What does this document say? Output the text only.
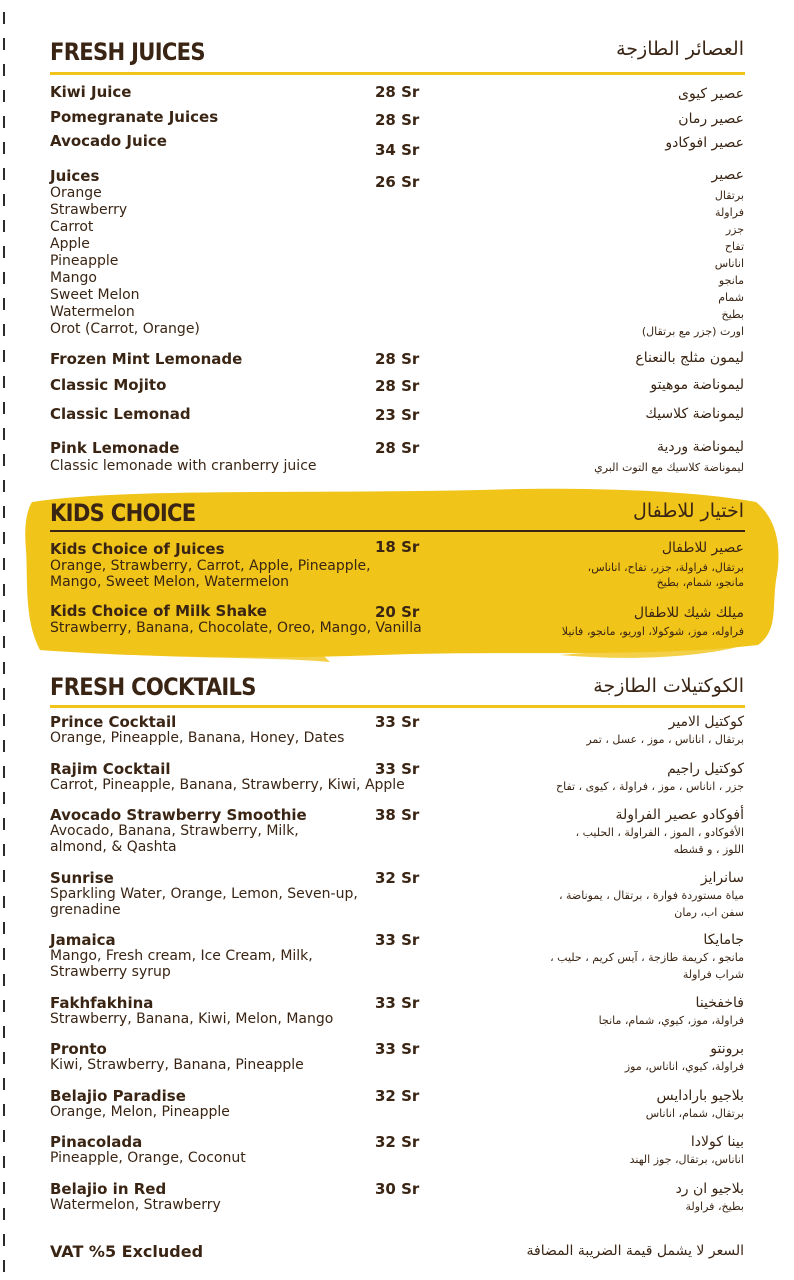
FRESH JUICES	العصائر الطازجة
Kiwi Juice	28 Sr	عصير كيوى
Pomegranate Juices	28 Sr	عصير رمان
Avocado Juice	34 Sr	عصير افوكادو
Juices	26 Sr	عصير
Orange
Strawberry
Carrot
Apple
Pineapple
Mango
Sweet Melon
Watermelon
Orot (Carrot, Orange)
برتقال
فراولة
جزر
تفاح
اناناس
مانجو
شمام
بطيخ
اورت (جزر مع برتقال)
Frozen Mint Lemonade	28 Sr	ليمون مثلج بالنعناع
Classic Mojito	28 Sr	ليموناضة موهيتو
Classic Lemonad	23 Sr	ليموناضة كلاسيك
Pink Lemonade	28 Sr	ليموناضة وردية
Classic lemonade with cranberry juice	ليموناضة كلاسيك مع التوت البري
KIDS CHOICE	اختيار للاطفال
Kids Choice of Juices	18 Sr	عصير للاطفال
Orange, Strawberry, Carrot, Apple, Pineapple,
Mango, Sweet Melon, Watermelon
برتقال، فراولة، جزر، تفاح، اناناس،
مانجو، شمام، بطيخ
Kids Choice of Milk Shake	20 Sr	ميلك شيك للاطفال
Strawberry, Banana, Chocolate, Oreo, Mango, Vanilla	فراوله، موز، شوكولا، اوريو، مانجو، فانيلا
FRESH COCKTAILS	الكوكتيلات الطازجة
Prince Cocktail	33 Sr	كوكتيل الامير
Orange, Pineapple, Banana, Honey, Dates	برتقال ، اناناس ، موز ، عسل ، تمر
Rajim Cocktail	33 Sr	كوكتيل راجيم
Carrot, Pineapple, Banana, Strawberry, Kiwi, Apple	جزر ، اناناس ، موز ، فراولة ، كيوى ، تفاح
Avocado Strawberry Smoothie	38 Sr	أفوكادو عصير الفراولة
Avocado, Banana, Strawberry, Milk,
almond, & Qashta
الأفوكادو ، الموز ، الفراولة ، الحليب ،
اللوز ، و قشطه
Sunrise	32 Sr	سانرايز
Sparkling Water, Orange, Lemon, Seven-up,
grenadine
مياة مستوردة فوارة ، برتقال ، يموناضة ،
سفن اب، رمان
Jamaica	33 Sr	جامايكا
Mango, Fresh cream, Ice Cream, Milk,
Strawberry syrup
مانجو ، كريمة طازجة ، آيس كريم ، حليب ،
شراب فراولة
Fakhfakhina	33 Sr	فاخفخينا
Strawberry, Banana, Kiwi, Melon, Mango	فراولة، موز، كيوي، شمام، مانجا
Pronto	33 Sr	برونتو
Kiwi, Strawberry, Banana, Pineapple	فراولة، كيوي، اناناس، موز
Belajio Paradise	32 Sr	بلاجيو بارادايس
Orange, Melon, Pineapple	برتقال، شمام، اناناس
Pinacolada	32 Sr	بينا كولادا
Pineapple, Orange, Coconut	اناناس، برتقال، جوز الهند
Belajio in Red	30 Sr	بلاجيو ان رد
Watermelon, Strawberry	بطيخ، فراولة
VAT %5 Excluded	السعر لا يشمل قيمة الضريبة المضافة
